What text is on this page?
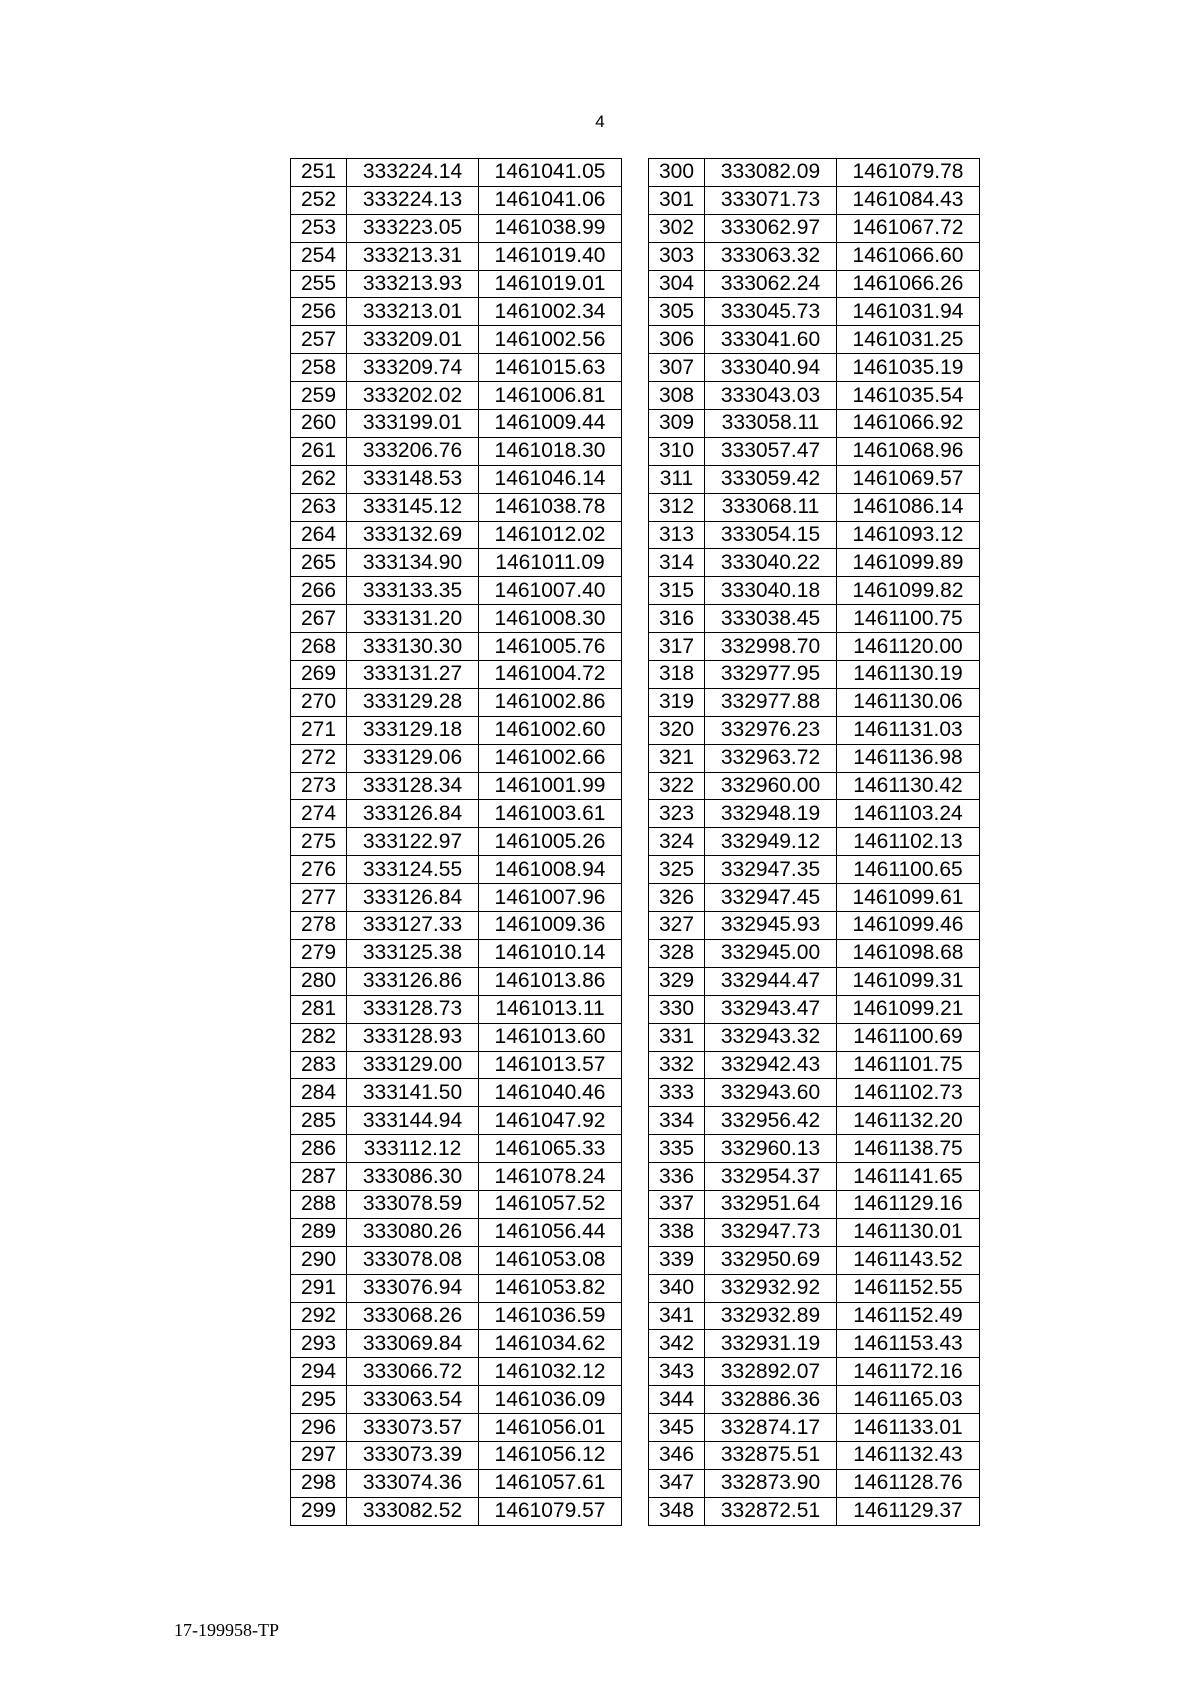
4
251	333224.14	1461041.05
252	333224.13	1461041.06
253	333223.05	1461038.99
254	333213.31	1461019.40
255	333213.93	1461019.01
256	333213.01	1461002.34
257	333209.01	1461002.56
258	333209.74	1461015.63
259	333202.02	1461006.81
260	333199.01	1461009.44
261	333206.76	1461018.30
262	333148.53	1461046.14
263	333145.12	1461038.78
264	333132.69	1461012.02
265	333134.90	1461011.09
266	333133.35	1461007.40
267	333131.20	1461008.30
268	333130.30	1461005.76
269	333131.27	1461004.72
270	333129.28	1461002.86
271	333129.18	1461002.60
272	333129.06	1461002.66
273	333128.34	1461001.99
274	333126.84	1461003.61
275	333122.97	1461005.26
276	333124.55	1461008.94
277	333126.84	1461007.96
278	333127.33	1461009.36
279	333125.38	1461010.14
280	333126.86	1461013.86
281	333128.73	1461013.11
282	333128.93	1461013.60
283	333129.00	1461013.57
284	333141.50	1461040.46
285	333144.94	1461047.92
286	333112.12	1461065.33
287	333086.30	1461078.24
288	333078.59	1461057.52
289	333080.26	1461056.44
290	333078.08	1461053.08
291	333076.94	1461053.82
292	333068.26	1461036.59
293	333069.84	1461034.62
294	333066.72	1461032.12
295	333063.54	1461036.09
296	333073.57	1461056.01
297	333073.39	1461056.12
298	333074.36	1461057.61
299	333082.52	1461079.57
300	333082.09	1461079.78
301	333071.73	1461084.43
302	333062.97	1461067.72
303	333063.32	1461066.60
304	333062.24	1461066.26
305	333045.73	1461031.94
306	333041.60	1461031.25
307	333040.94	1461035.19
308	333043.03	1461035.54
309	333058.11	1461066.92
310	333057.47	1461068.96
311	333059.42	1461069.57
312	333068.11	1461086.14
313	333054.15	1461093.12
314	333040.22	1461099.89
315	333040.18	1461099.82
316	333038.45	1461100.75
317	332998.70	1461120.00
318	332977.95	1461130.19
319	332977.88	1461130.06
320	332976.23	1461131.03
321	332963.72	1461136.98
322	332960.00	1461130.42
323	332948.19	1461103.24
324	332949.12	1461102.13
325	332947.35	1461100.65
326	332947.45	1461099.61
327	332945.93	1461099.46
328	332945.00	1461098.68
329	332944.47	1461099.31
330	332943.47	1461099.21
331	332943.32	1461100.69
332	332942.43	1461101.75
333	332943.60	1461102.73
334	332956.42	1461132.20
335	332960.13	1461138.75
336	332954.37	1461141.65
337	332951.64	1461129.16
338	332947.73	1461130.01
339	332950.69	1461143.52
340	332932.92	1461152.55
341	332932.89	1461152.49
342	332931.19	1461153.43
343	332892.07	1461172.16
344	332886.36	1461165.03
345	332874.17	1461133.01
346	332875.51	1461132.43
347	332873.90	1461128.76
348	332872.51	1461129.37
17-199958-TP
